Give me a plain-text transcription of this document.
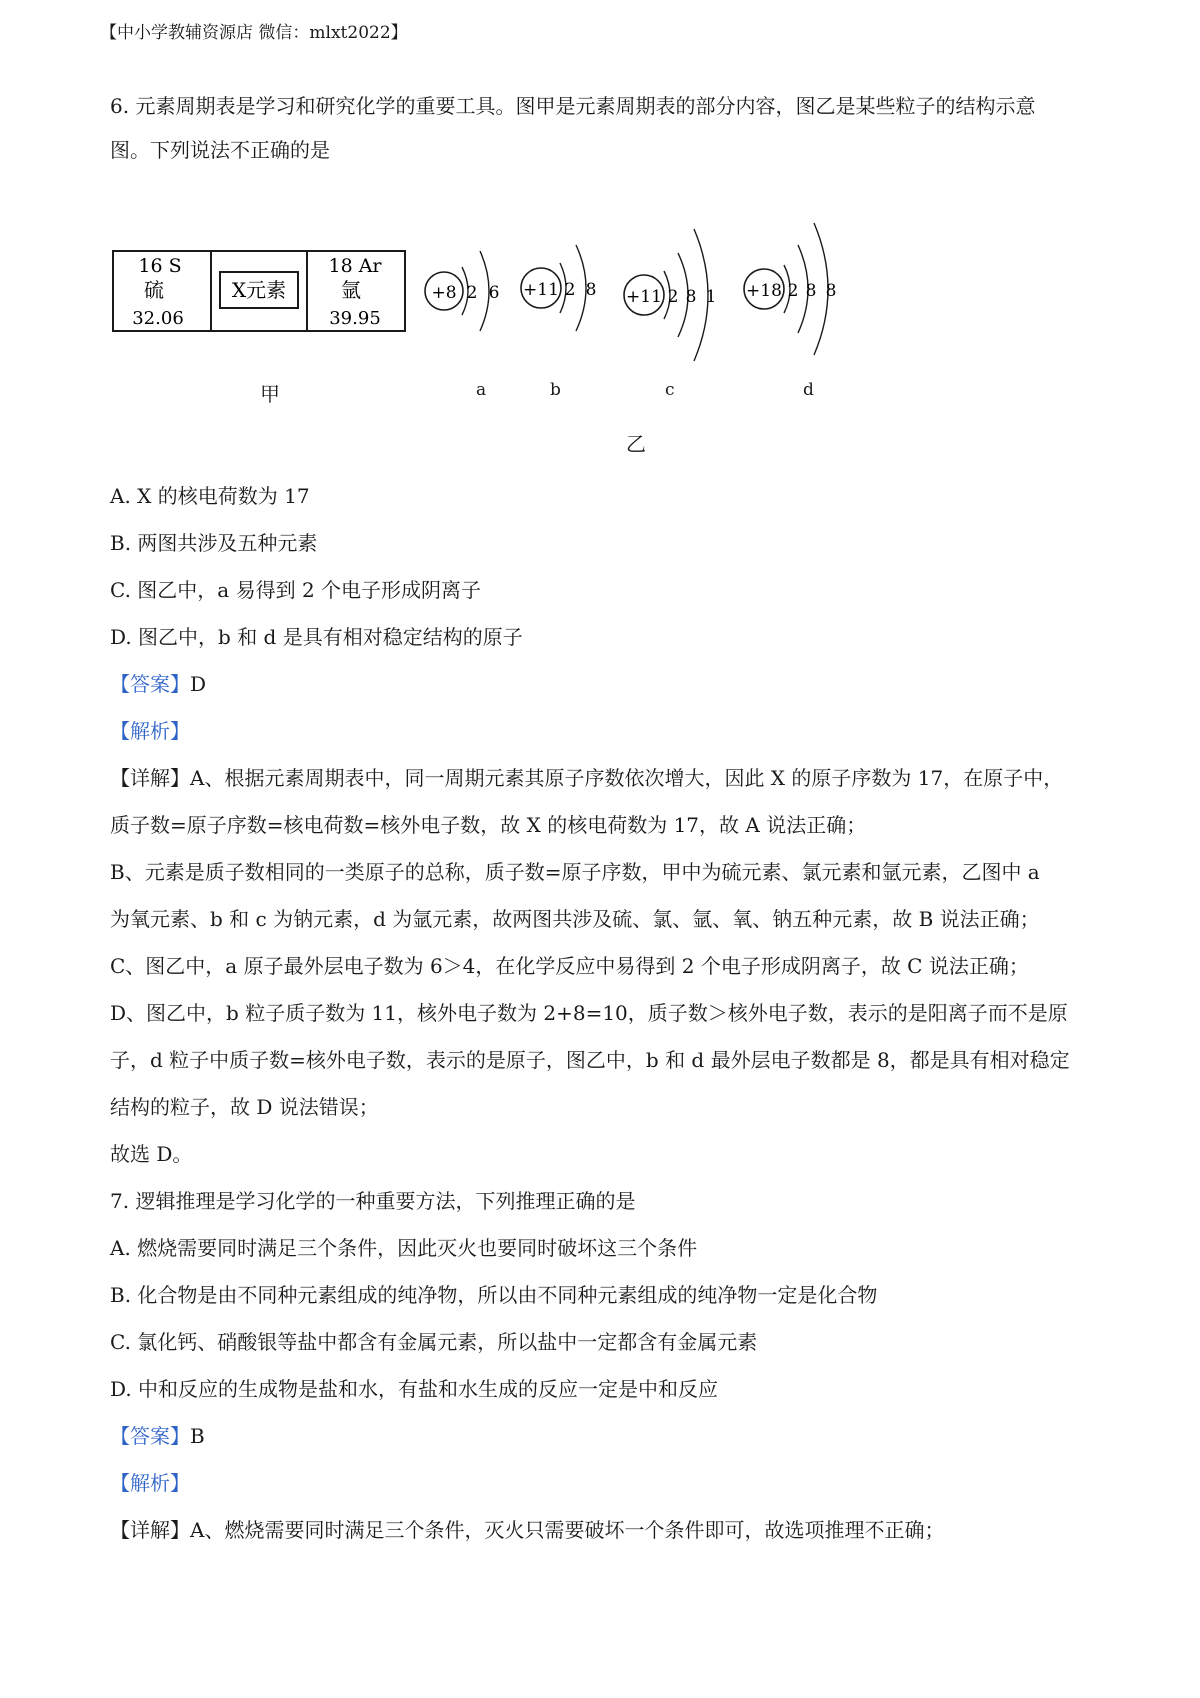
【中小学教辅资源店 微信：mlxt2022】
6. 元素周期表是学习和研究化学的重要工具。图甲是元素周期表的部分内容，图乙是某些粒子的结构示意
图。下列说法不正确的是
16 S
硫
32.06
X元素
18 Ar
氩
39.95
+8 2 6 +11 2 8 +11 2 8 1 +18 2 8 8
甲	a	b	c	d
乙
A. X 的核电荷数为 17
B. 两图共涉及五种元素
C. 图乙中，a 易得到 2 个电子形成阴离子
D. 图乙中，b 和 d 是具有相对稳定结构的原子
【答案】D
【解析】
【详解】A、根据元素周期表中，同一周期元素其原子序数依次增大，因此 X 的原子序数为 17，在原子中，
质子数=原子序数=核电荷数=核外电子数，故 X 的核电荷数为 17，故 A 说法正确；
B、元素是质子数相同的一类原子的总称，质子数=原子序数，甲中为硫元素、氯元素和氩元素，乙图中 a
为氧元素、b 和 c 为钠元素，d 为氩元素，故两图共涉及硫、氯、氩、氧、钠五种元素，故 B 说法正确；
C、图乙中，a 原子最外层电子数为 6＞4，在化学反应中易得到 2 个电子形成阴离子，故 C 说法正确；
D、图乙中，b 粒子质子数为 11，核外电子数为 2+8=10，质子数＞核外电子数，表示的是阳离子而不是原
子，d 粒子中质子数=核外电子数，表示的是原子，图乙中，b 和 d 最外层电子数都是 8，都是具有相对稳定
结构的粒子，故 D 说法错误；
故选 D。
7. 逻辑推理是学习化学的一种重要方法，下列推理正确的是
A. 燃烧需要同时满足三个条件，因此灭火也要同时破坏这三个条件
B. 化合物是由不同种元素组成的纯净物，所以由不同种元素组成的纯净物一定是化合物
C. 氯化钙、硝酸银等盐中都含有金属元素，所以盐中一定都含有金属元素
D. 中和反应的生成物是盐和水，有盐和水生成的反应一定是中和反应
【答案】B
【解析】
【详解】A、燃烧需要同时满足三个条件，灭火只需要破坏一个条件即可，故选项推理不正确；
